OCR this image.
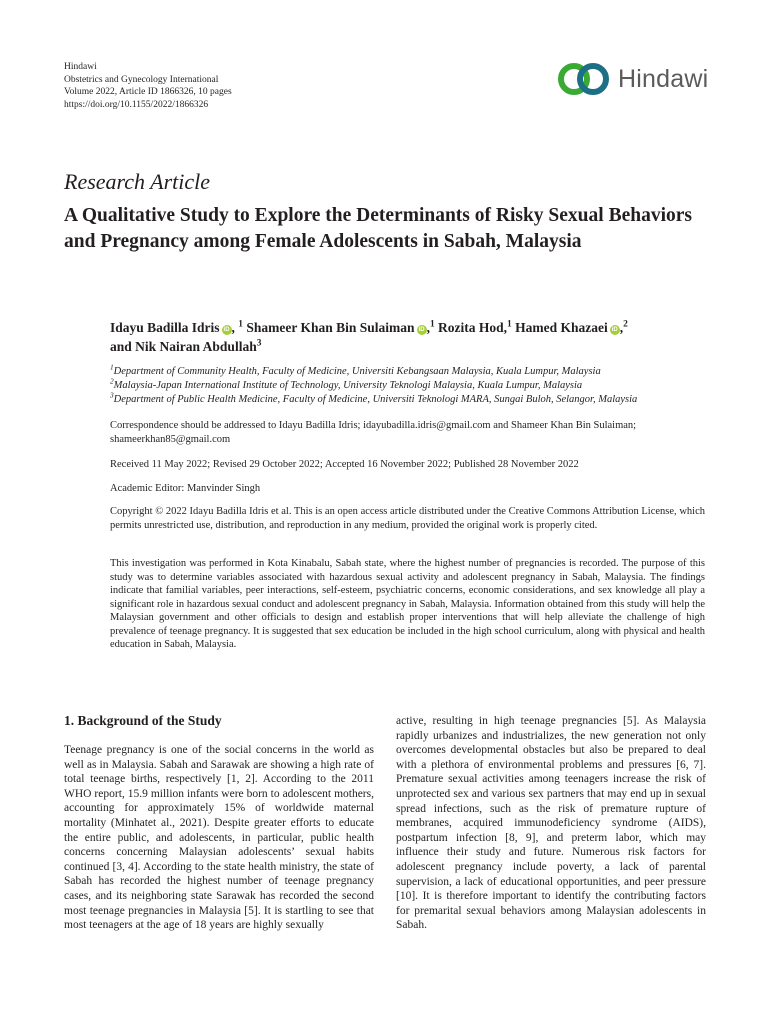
Hindawi
Obstetrics and Gynecology International
Volume 2022, Article ID 1866326, 10 pages
https://doi.org/10.1155/2022/1866326
Hindawi
Research Article
A Qualitative Study to Explore the Determinants of Risky Sexual Behaviors and Pregnancy among Female Adolescents in Sabah, Malaysia
Idayu Badilla Idris iD , $^1$ Shameer Khan Bin Sulaiman iD ,$^1$ Rozita Hod,$^1$ Hamed Khazaei iD ,$^2$
and Nik Nairan Abdullah$^3$
$^1$Department of Community Health, Faculty of Medicine, Universiti Kebangsaan Malaysia, Kuala Lumpur, Malaysia
$^2$Malaysia-Japan International Institute of Technology, University Teknologi Malaysia, Kuala Lumpur, Malaysia
$^3$Department of Public Health Medicine, Faculty of Medicine, Universiti Teknologi MARA, Sungai Buloh, Selangor, Malaysia
Correspondence should be addressed to Idayu Badilla Idris; idayubadilla.idris@gmail.com and Shameer Khan Bin Sulaiman; shameerkhan85@gmail.com
Received 11 May 2022; Revised 29 October 2022; Accepted 16 November 2022; Published 28 November 2022
Academic Editor: Manvinder Singh
Copyright © 2022 Idayu Badilla Idris et al. This is an open access article distributed under the Creative Commons Attribution License, which permits unrestricted use, distribution, and reproduction in any medium, provided the original work is properly cited.
This investigation was performed in Kota Kinabalu, Sabah state, where the highest number of pregnancies is recorded. The purpose of this study was to determine variables associated with hazardous sexual activity and adolescent pregnancy in Sabah, Malaysia. The findings indicate that familial variables, peer interactions, self-esteem, psychiatric concerns, economic considerations, and sex knowledge all play a significant role in hazardous sexual conduct and adolescent pregnancy in Sabah, Malaysia. Information obtained from this study will help the Malaysian government and other officials to design and establish proper interventions that will help alleviate the challenge of high prevalence of teenage pregnancy. It is suggested that sex education be included in the high school curriculum, along with physical and health education in Sabah, Malaysia.
1. Background of the Study
Teenage pregnancy is one of the social concerns in the world as well as in Malaysia. Sabah and Sarawak are showing a high rate of total teenage births, respectively [1, 2]. According to the 2011 WHO report, 15.9 million infants were born to adolescent mothers, accounting for approximately 15% of worldwide maternal mortality (Minhatet al., 2021). Despite greater efforts to educate the entire public, and adolescents, in particular, public health concerns concerning Malaysian adolescents’ sexual habits continued [3, 4]. According to the state health ministry, the state of Sabah has recorded the highest number of teenage pregnancy cases, and its neighboring state Sarawak has recorded the second most teenage pregnancies in Malaysia [5]. It is startling to see that most teenagers at the age of 18 years are highly sexually
active, resulting in high teenage pregnancies [5]. As Malaysia rapidly urbanizes and industrializes, the new generation not only overcomes developmental obstacles but also be prepared to deal with a plethora of environmental problems and pressures [6, 7]. Premature sexual activities among teenagers increase the risk of unprotected sex and various sex partners that may end up in sexual spread infections, such as the risk of premature rupture of membranes, acquired immunodeficiency syndrome (AIDS), postpartum infection [8, 9], and preterm labor, which may influence their study and future. Numerous risk factors for adolescent pregnancy include poverty, a lack of parental supervision, a lack of educational opportunities, and peer pressure [10]. It is therefore important to identify the contributing factors for premarital sexual behaviors among Malaysian adolescents in Sabah.
